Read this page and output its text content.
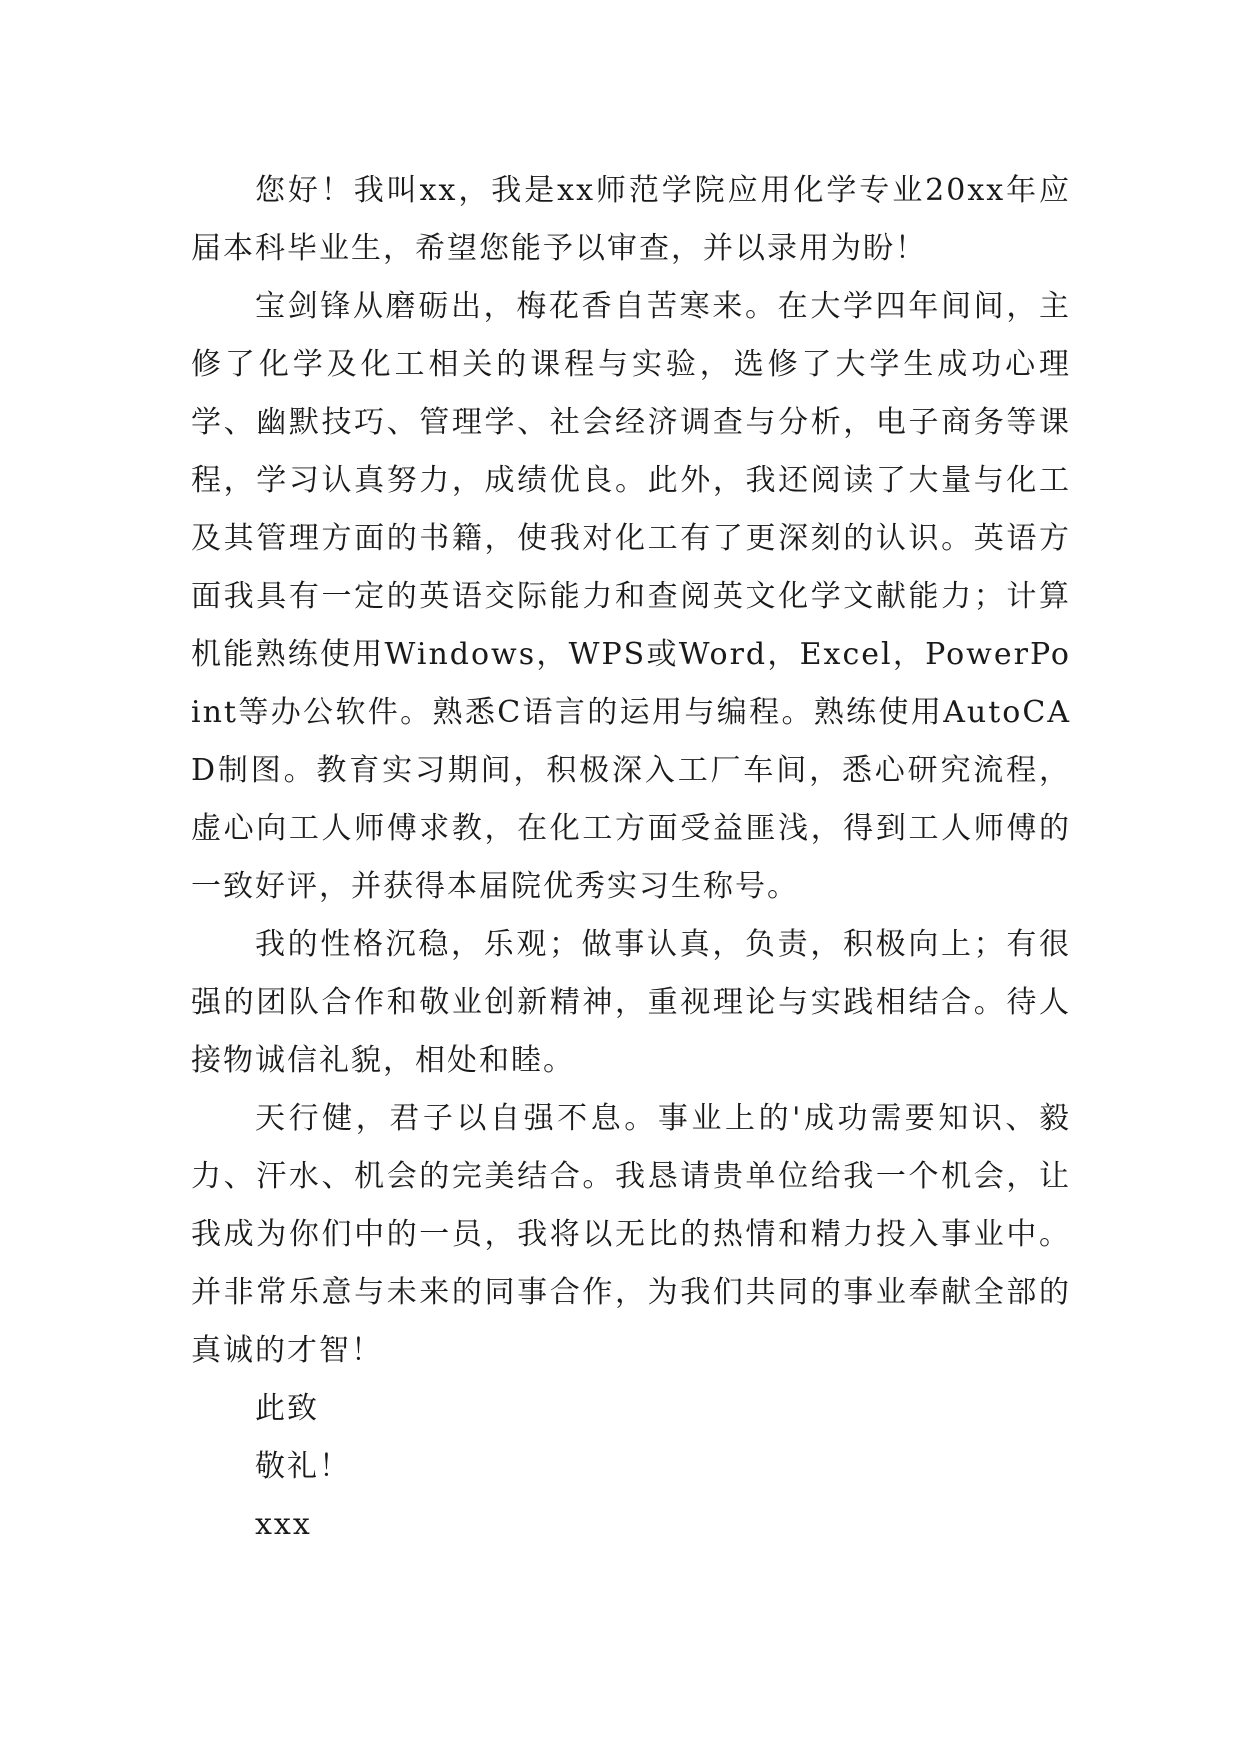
您好！我叫xx，我是xx师范学院应用化学专业20xx年应届本科毕业生，希望您能予以审查，并以录用为盼！

宝剑锋从磨砺出，梅花香自苦寒来。在大学四年间间，主修了化学及化工相关的课程与实验，选修了大学生成功心理学、幽默技巧、管理学、社会经济调查与分析，电子商务等课程，学习认真努力，成绩优良。此外，我还阅读了大量与化工及其管理方面的书籍，使我对化工有了更深刻的认识。英语方面我具有一定的英语交际能力和查阅英文化学文献能力；计算机能熟练使用Windows，WPS或Word，Excel，PowerPoint等办公软件。熟悉C语言的运用与编程。熟练使用AutoCAD制图。教育实习期间，积极深入工厂车间，悉心研究流程，虚心向工人师傅求教，在化工方面受益匪浅，得到工人师傅的一致好评，并获得本届院优秀实习生称号。

我的性格沉稳，乐观；做事认真，负责，积极向上；有很强的团队合作和敬业创新精神，重视理论与实践相结合。待人接物诚信礼貌，相处和睦。

天行健，君子以自强不息。事业上的'成功需要知识、毅力、汗水、机会的完美结合。我恳请贵单位给我一个机会，让我成为你们中的一员，我将以无比的热情和精力投入事业中。并非常乐意与未来的同事合作，为我们共同的事业奉献全部的真诚的才智！

此致

敬礼！

xxx
